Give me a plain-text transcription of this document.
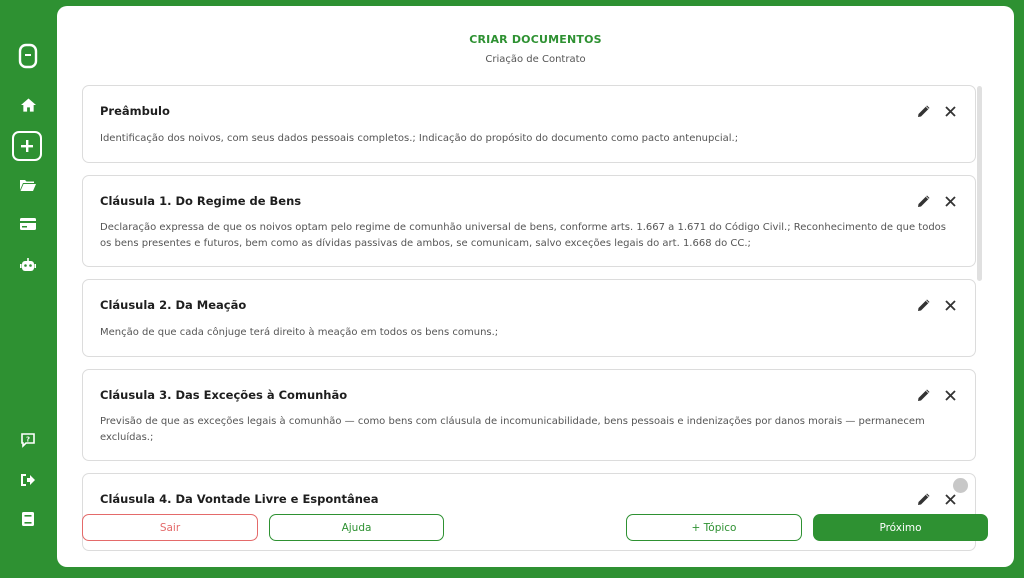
?
CRIAR DOCUMENTOS
Criação de Contrato
Preâmbulo
Identificação dos noivos, com seus dados pessoais completos.; Indicação do propósito do documento como pacto antenupcial.;
Cláusula 1. Do Regime de Bens
Declaração expressa de que os noivos optam pelo regime de comunhão universal de bens, conforme arts. 1.667 a 1.671 do Código Civil.; Reconhecimento de que todos os bens presentes e futuros, bem como as dívidas passivas de ambos, se comunicam, salvo exceções legais do art. 1.668 do CC.;
Cláusula 2. Da Meação
Menção de que cada cônjuge terá direito à meação em todos os bens comuns.;
Cláusula 3. Das Exceções à Comunhão
Previsão de que as exceções legais à comunhão — como bens com cláusula de incomunicabilidade, bens pessoais e indenizações por danos morais — permanecem excluídas.;
Cláusula 4. Da Vontade Livre e Espontânea
Sair	Ajuda	+ Tópico	Próximo
